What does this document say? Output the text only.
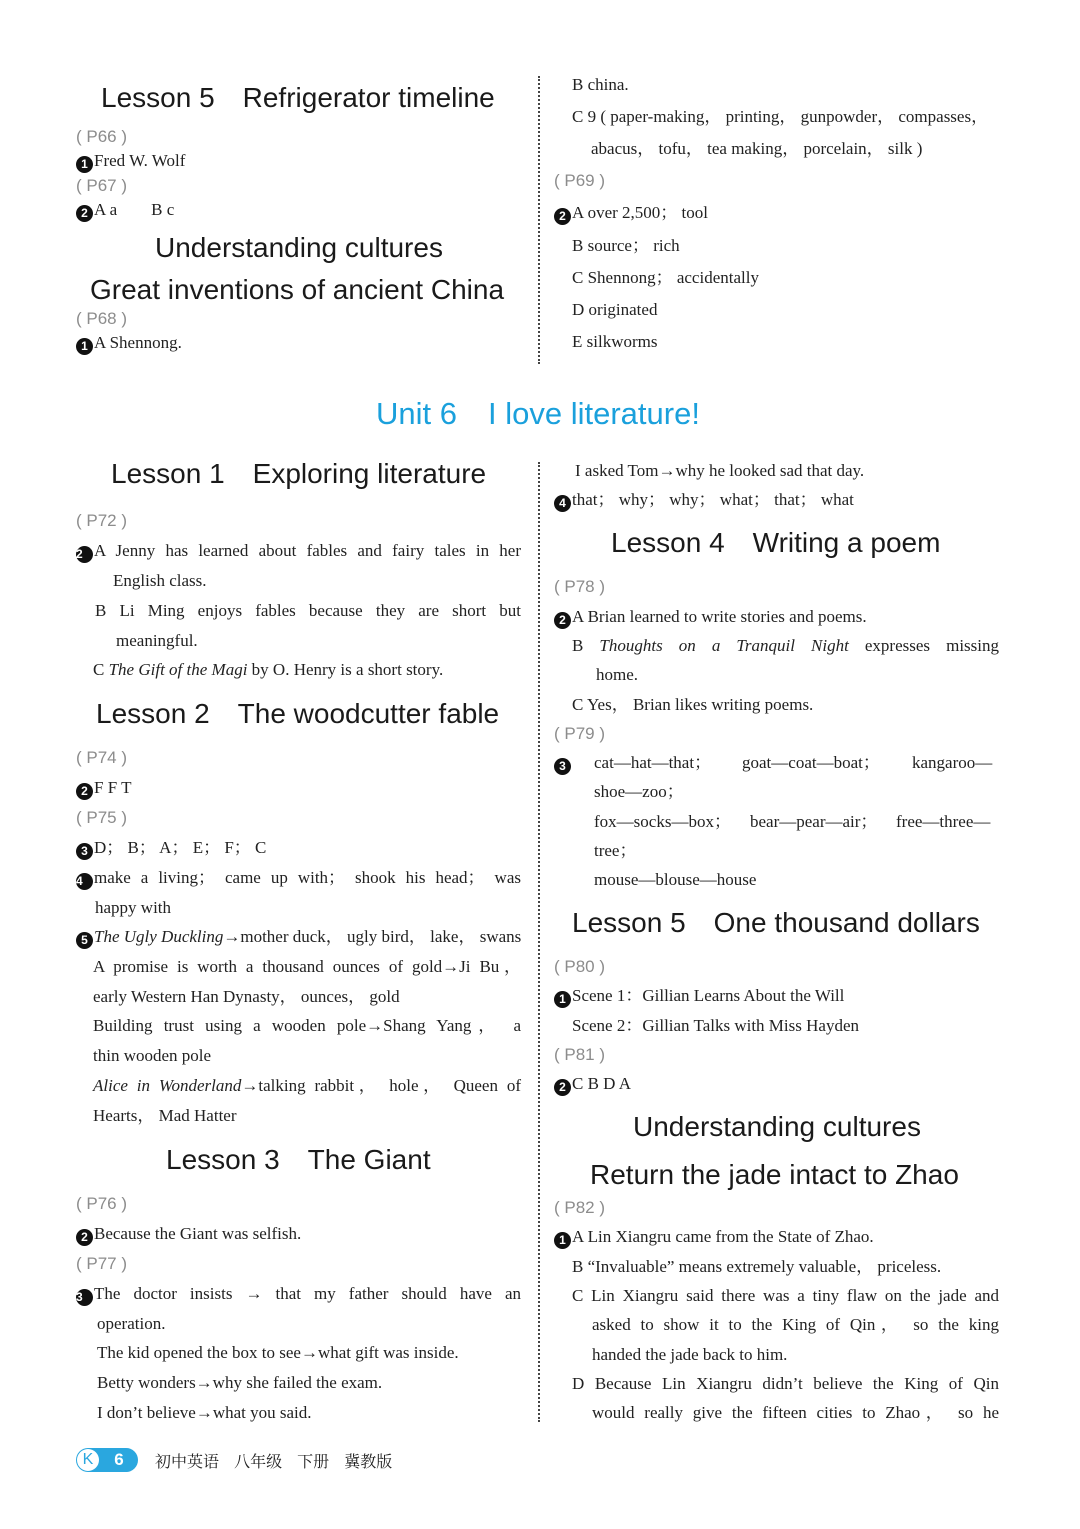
Lesson 5  Refrigerator timeline
( P66 )
1 Fred W. Wolf
( P67 )
2 A a  B c
Understanding cultures
Great inventions of ancient China
( P68 )
1 A Shennong.
B china.
C 9 ( paper-making， printing， gunpowder， compasses，
abacus， tofu， tea making， porcelain， silk )
( P69 )
2 A over 2,500； tool
B source； rich
C Shennong； accidentally
D originated
E silkworms
Unit 6  I love literature!
Lesson 1  Exploring literature
( P72 )
2 A Jenny has learned about fables and fairy tales in her
English class.
B Li Ming enjoys fables because they are short but
meaningful.
C The Gift of the Magi by O. Henry is a short story.
Lesson 2  The woodcutter fable
( P74 )
2 F F T
( P75 )
3 D； B； A； E； F； C
4 make a living； came up with； shook his head； was
happy with
5 The Ugly Duckling→mother duck， ugly bird， lake， swans
A promise is worth a thousand ounces of gold→Ji Bu，
early Western Han Dynasty， ounces， gold
Building trust using a wooden pole→Shang Yang， a
thin wooden pole
Alice in Wonderland→talking rabbit， hole， Queen of
Hearts， Mad Hatter
Lesson 3  The Giant
( P76 )
2 Because the Giant was selfish.
( P77 )
3 The doctor insists → that my father should have an
operation.
The kid opened the box to see→what gift was inside.
Betty wonders→why she failed the exam.
I don’t believe→what you said.
I asked Tom→why he looked sad that day.
4 that； why； why； what； that； what
Lesson 4  Writing a poem
( P78 )
2 A Brian learned to write stories and poems.
B Thoughts on a Tranquil Night expresses missing
home.
C Yes， Brian likes writing poems.
( P79 )
3	cat—hat—that； goat—coat—boat； kangaroo—
shoe—zoo；
fox—socks—box； bear—pear—air； free—three—
tree；
mouse—blouse—house
Lesson 5  One thousand dollars
( P80 )
1 Scene 1：Gillian Learns About the Will
Scene 2：Gillian Talks with Miss Hayden
( P81 )
2 C B D A
Understanding cultures
Return the jade intact to Zhao
( P82 )
1 A Lin Xiangru came from the State of Zhao.
B “Invaluable” means extremely valuable， priceless.
C Lin Xiangru said there was a tiny flaw on the jade and
asked to show it to the King of Qin， so the king
handed the jade back to him.
D Because Lin Xiangru didn’t believe the King of Qin
would really give the fifteen cities to Zhao， so he
K	6	初中英语 八年级 下册 冀教版
